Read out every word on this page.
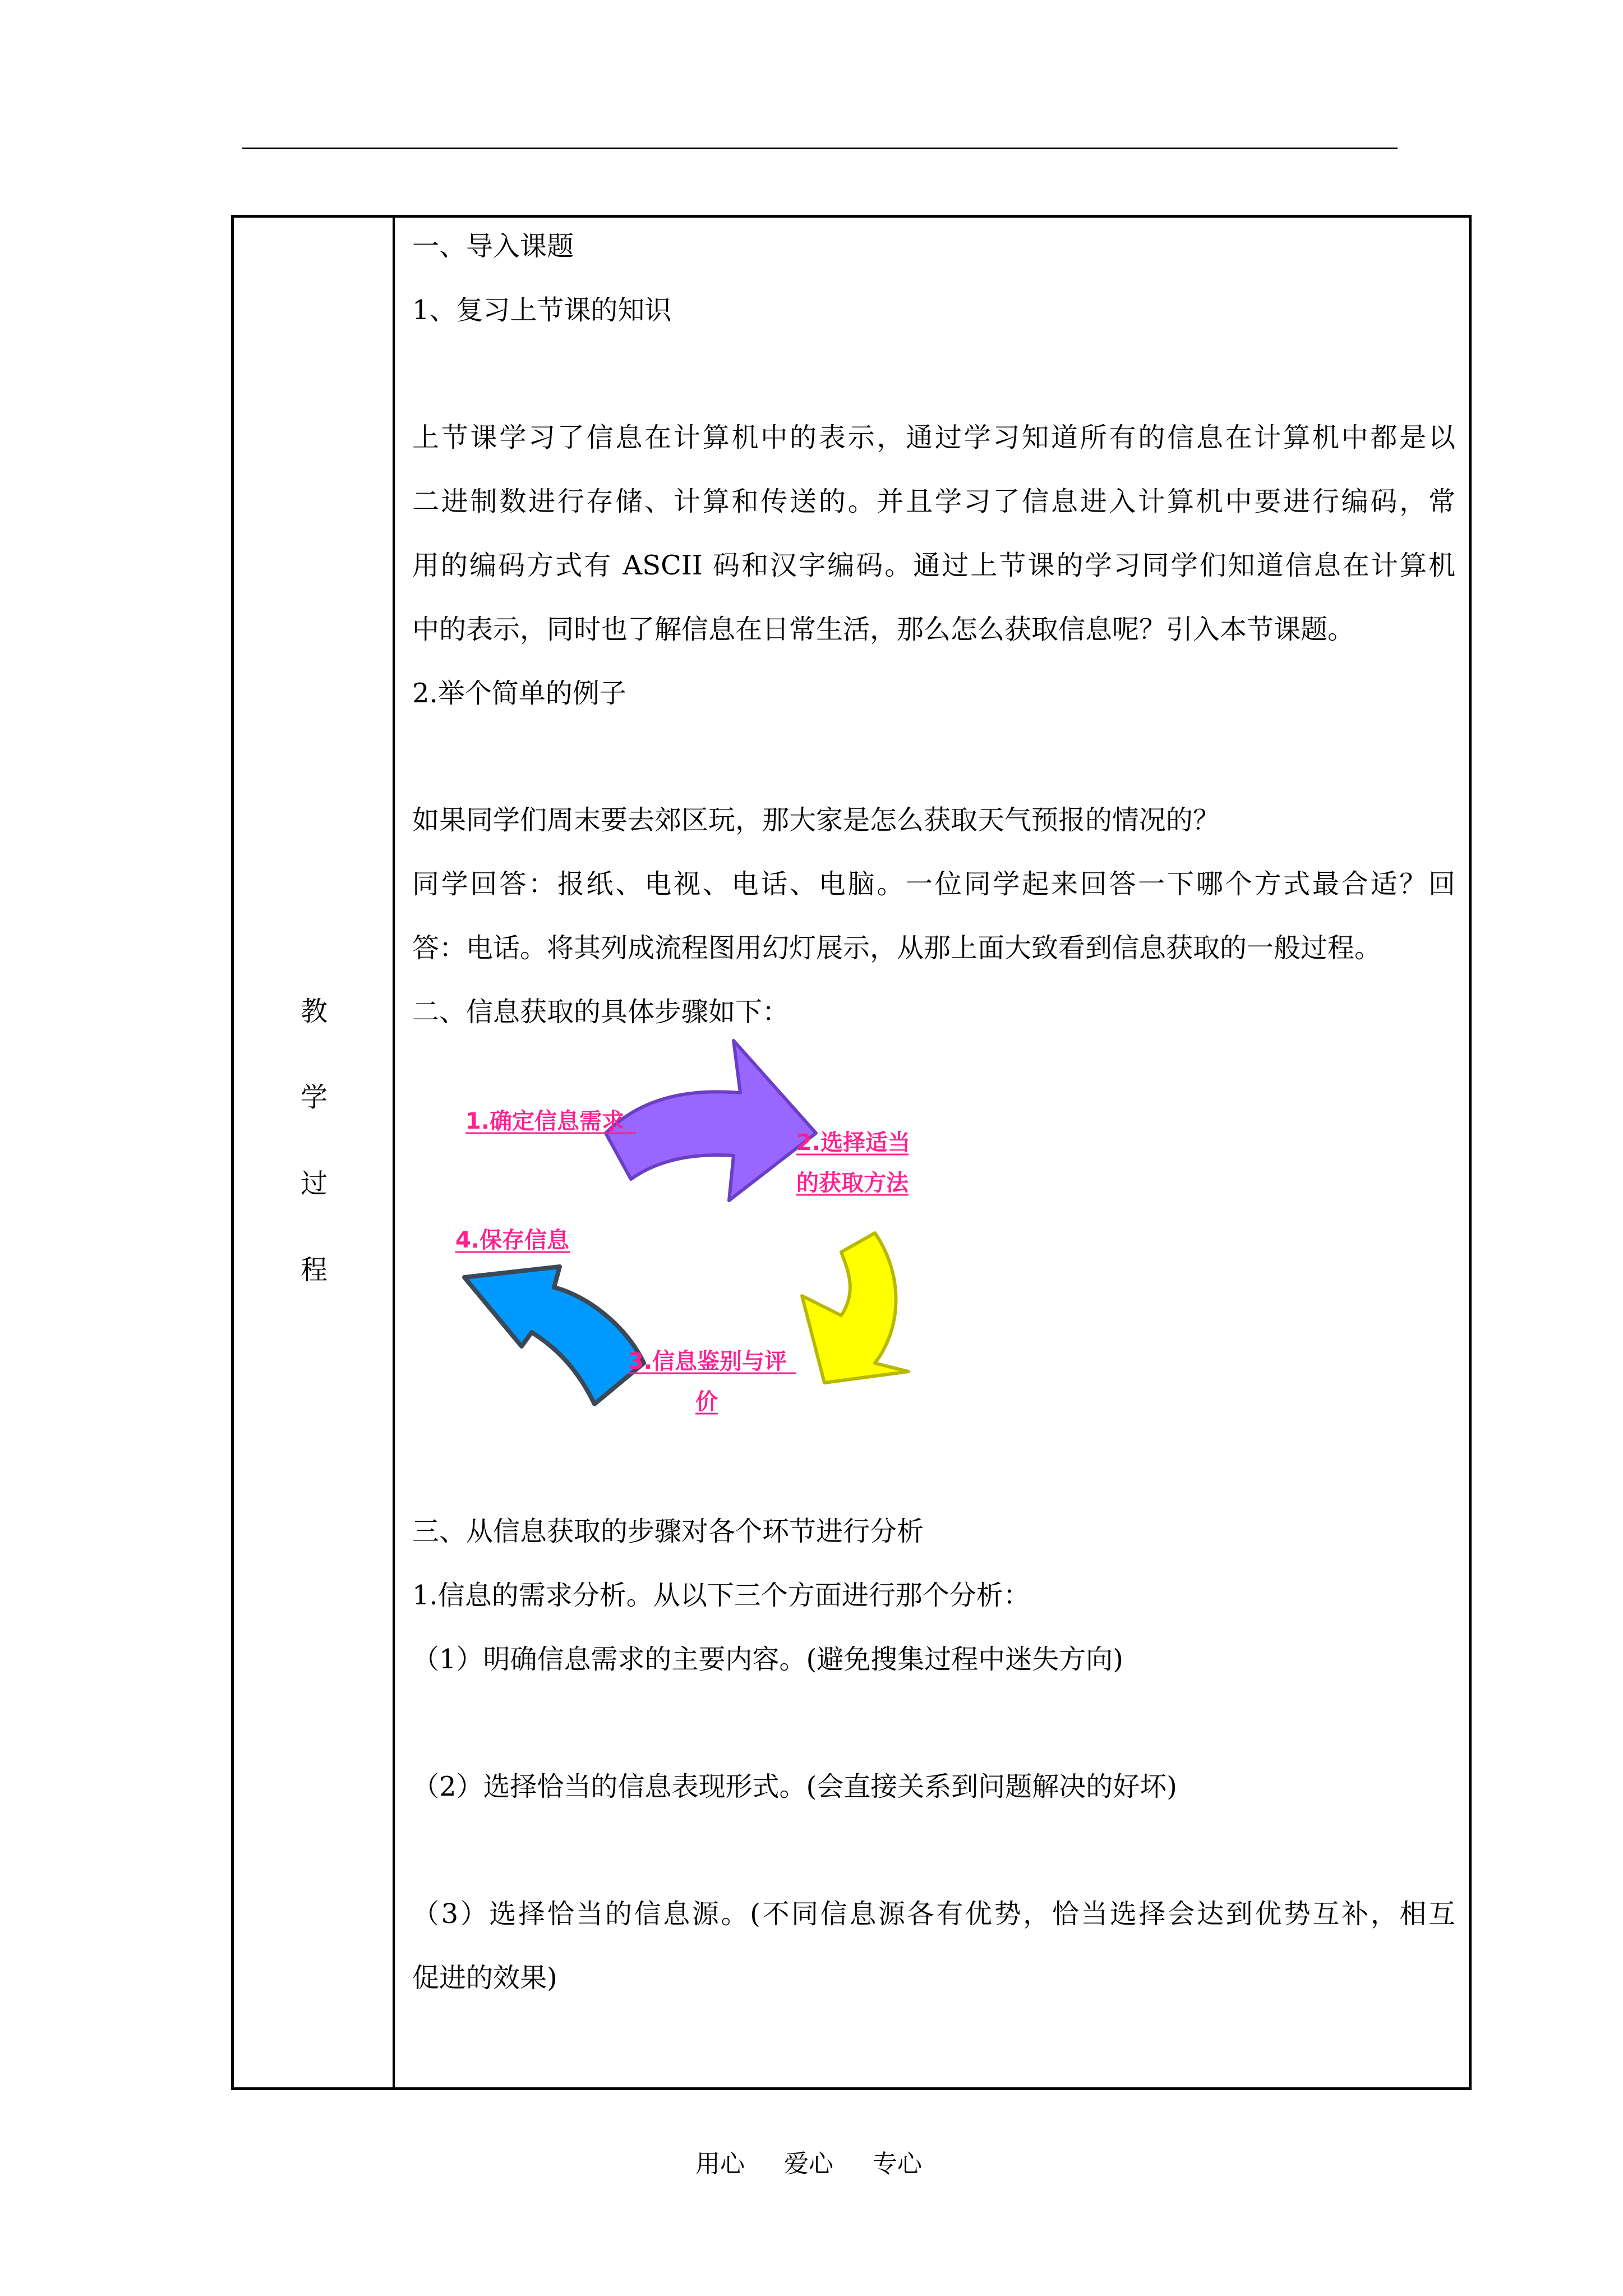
教
学
过
程
一、导入课题
1、复习上节课的知识
上节课学习了信息在计算机中的表示，通过学习知道所有的信息在计算机中都是以
二进制数进行存储、计算和传送的。并且学习了信息进入计算机中要进行编码，常
用的编码方式有 ASCII 码和汉字编码。通过上节课的学习同学们知道信息在计算机
中的表示，同时也了解信息在日常生活，那么怎么获取信息呢？引入本节课题。
2.举个简单的例子
如果同学们周末要去郊区玩，那大家是怎么获取天气预报的情况的？
同学回答：报纸、电视、电话、电脑。一位同学起来回答一下哪个方式最合适？回
答：电话。将其列成流程图用幻灯展示，从那上面大致看到信息获取的一般过程。
二、信息获取的具体步骤如下：
三、从信息获取的步骤对各个环节进行分析
1.信息的需求分析。从以下三个方面进行那个分析：
（1）明确信息需求的主要内容。(避免搜集过程中迷失方向)
（2）选择恰当的信息表现形式。(会直接关系到问题解决的好坏)
（3）选择恰当的信息源。(不同信息源各有优势，恰当选择会达到优势互补，相互
促进的效果)
1.确定信息需求
2.选择适当
的获取方法
4.保存信息
3.信息鉴别与评
价
用心 爱心 专心
